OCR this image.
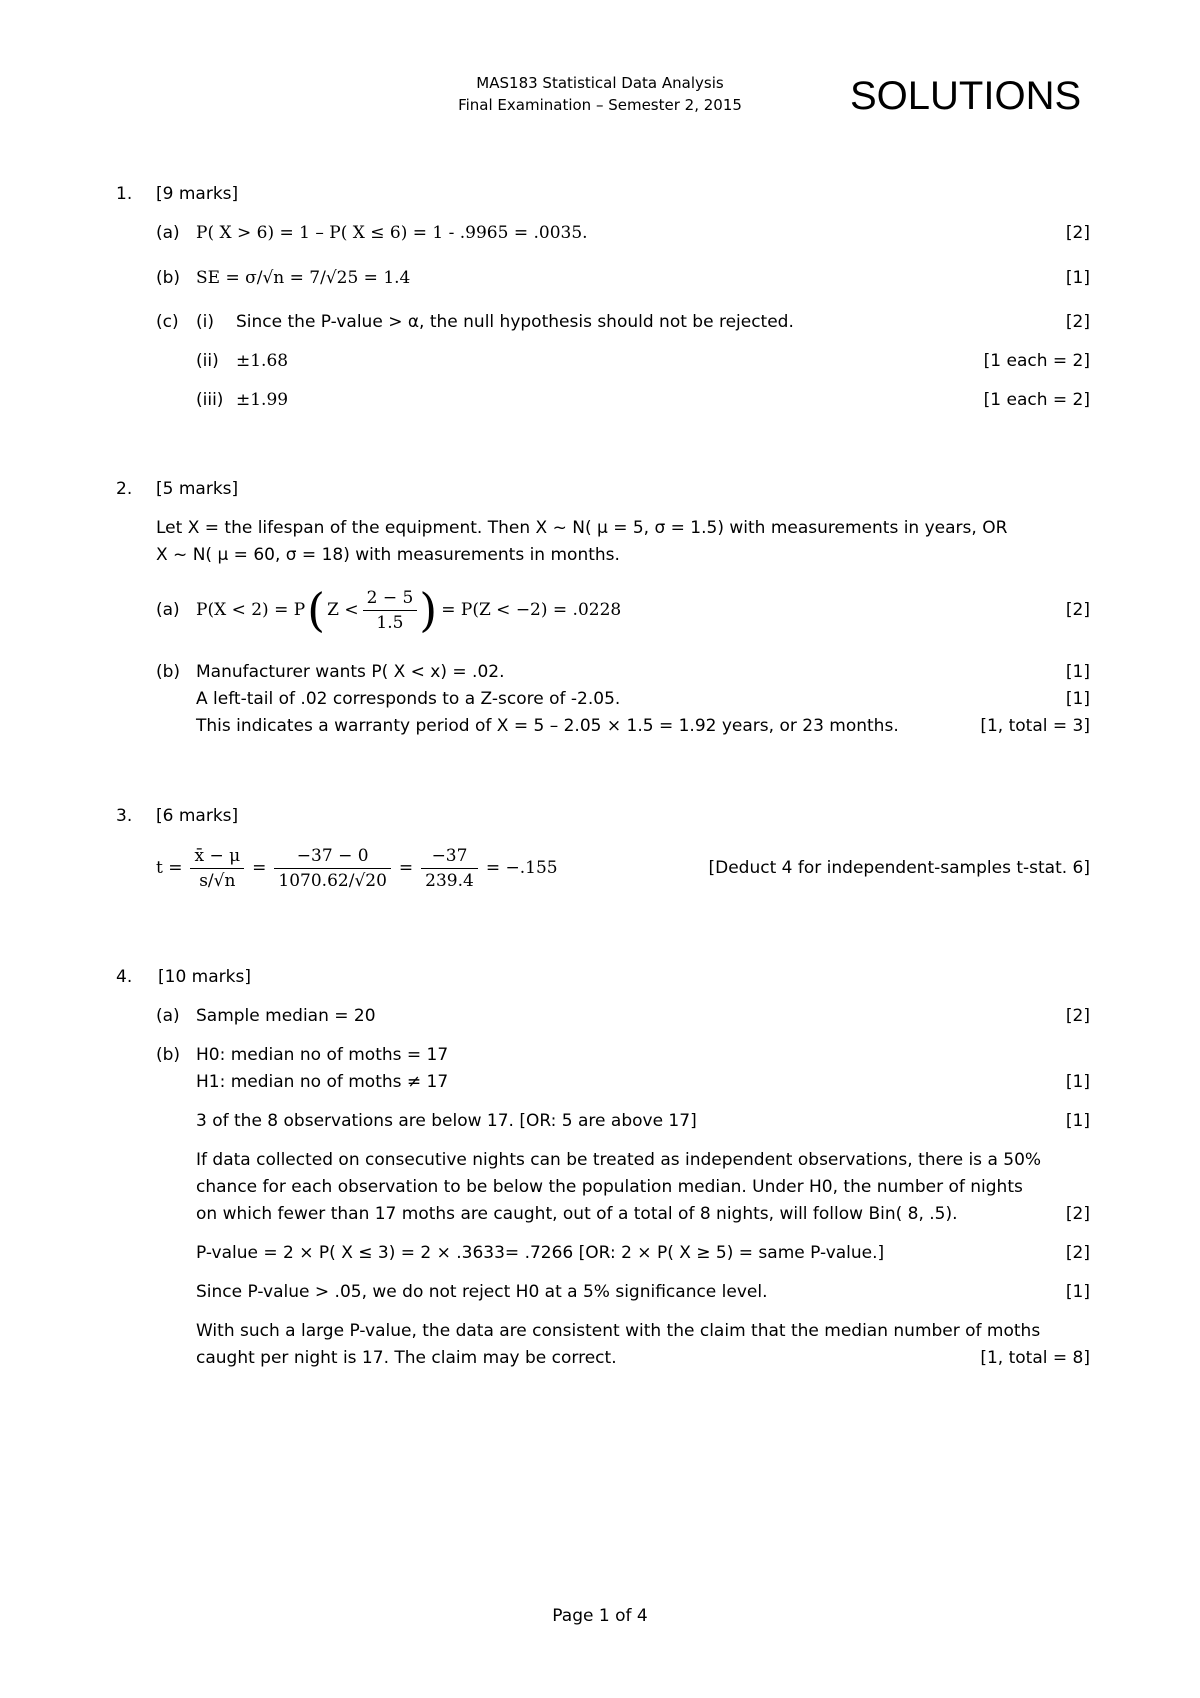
MAS183 Statistical Data Analysis
Final Examination – Semester 2, 2015	SOLUTIONS
1. [9 marks]
(a) P( X > 6) = 1 – P( X ≤ 6) = 1 - .9965 = .0035.	[2]
(b) SE = σ/√n = 7/√25 = 1.4	[1]
(c) (i) Since the P-value > α, the null hypothesis should not be rejected.	[2]
(ii) ±1.68	[1 each = 2]
(iii) ±1.99	[1 each = 2]
2. [5 marks]
Let X = the lifespan of the equipment. Then X ~ N( μ = 5, σ = 1.5) with measurements in years, OR
X ~ N( μ = 60, σ = 18) with measurements in months.
(a) P(X < 2) = P ( $Z < \frac{2 - 5}{1.5}$ ) = P(Z < −2) = .0228	[2]
(b) Manufacturer wants P( X < x) = .02.	[1]
A left-tail of .02 corresponds to a Z-score of -2.05.	[1]
This indicates a warranty period of X = 5 – 2.05 × 1.5 = 1.92 years, or 23 months.	[1, total = 3]
3. [6 marks]
$t = \frac{x̄ - \mu}{s/√n} = \frac{-37 - 0}{1070.62/√20} = \frac{-37}{239.4} = -.155$	[Deduct 4 for independent-samples t-stat. 6]
4. [10 marks]
(a) Sample median = 20	[2]
(b) H0: median no of moths = 17
H1: median no of moths ≠ 17	[1]
3 of the 8 observations are below 17. [OR: 5 are above 17]	[1]
If data collected on consecutive nights can be treated as independent observations, there is a 50%
chance for each observation to be below the population median. Under H0, the number of nights
on which fewer than 17 moths are caught, out of a total of 8 nights, will follow Bin( 8, .5).	[2]
P-value = 2 × P( X ≤ 3) = 2 × .3633= .7266 [OR: 2 × P( X ≥ 5) = same P-value.]	[2]
Since P-value > .05, we do not reject H0 at a 5% significance level.	[1]
With such a large P-value, the data are consistent with the claim that the median number of moths
caught per night is 17. The claim may be correct.	[1, total = 8]
Page 1 of 4
